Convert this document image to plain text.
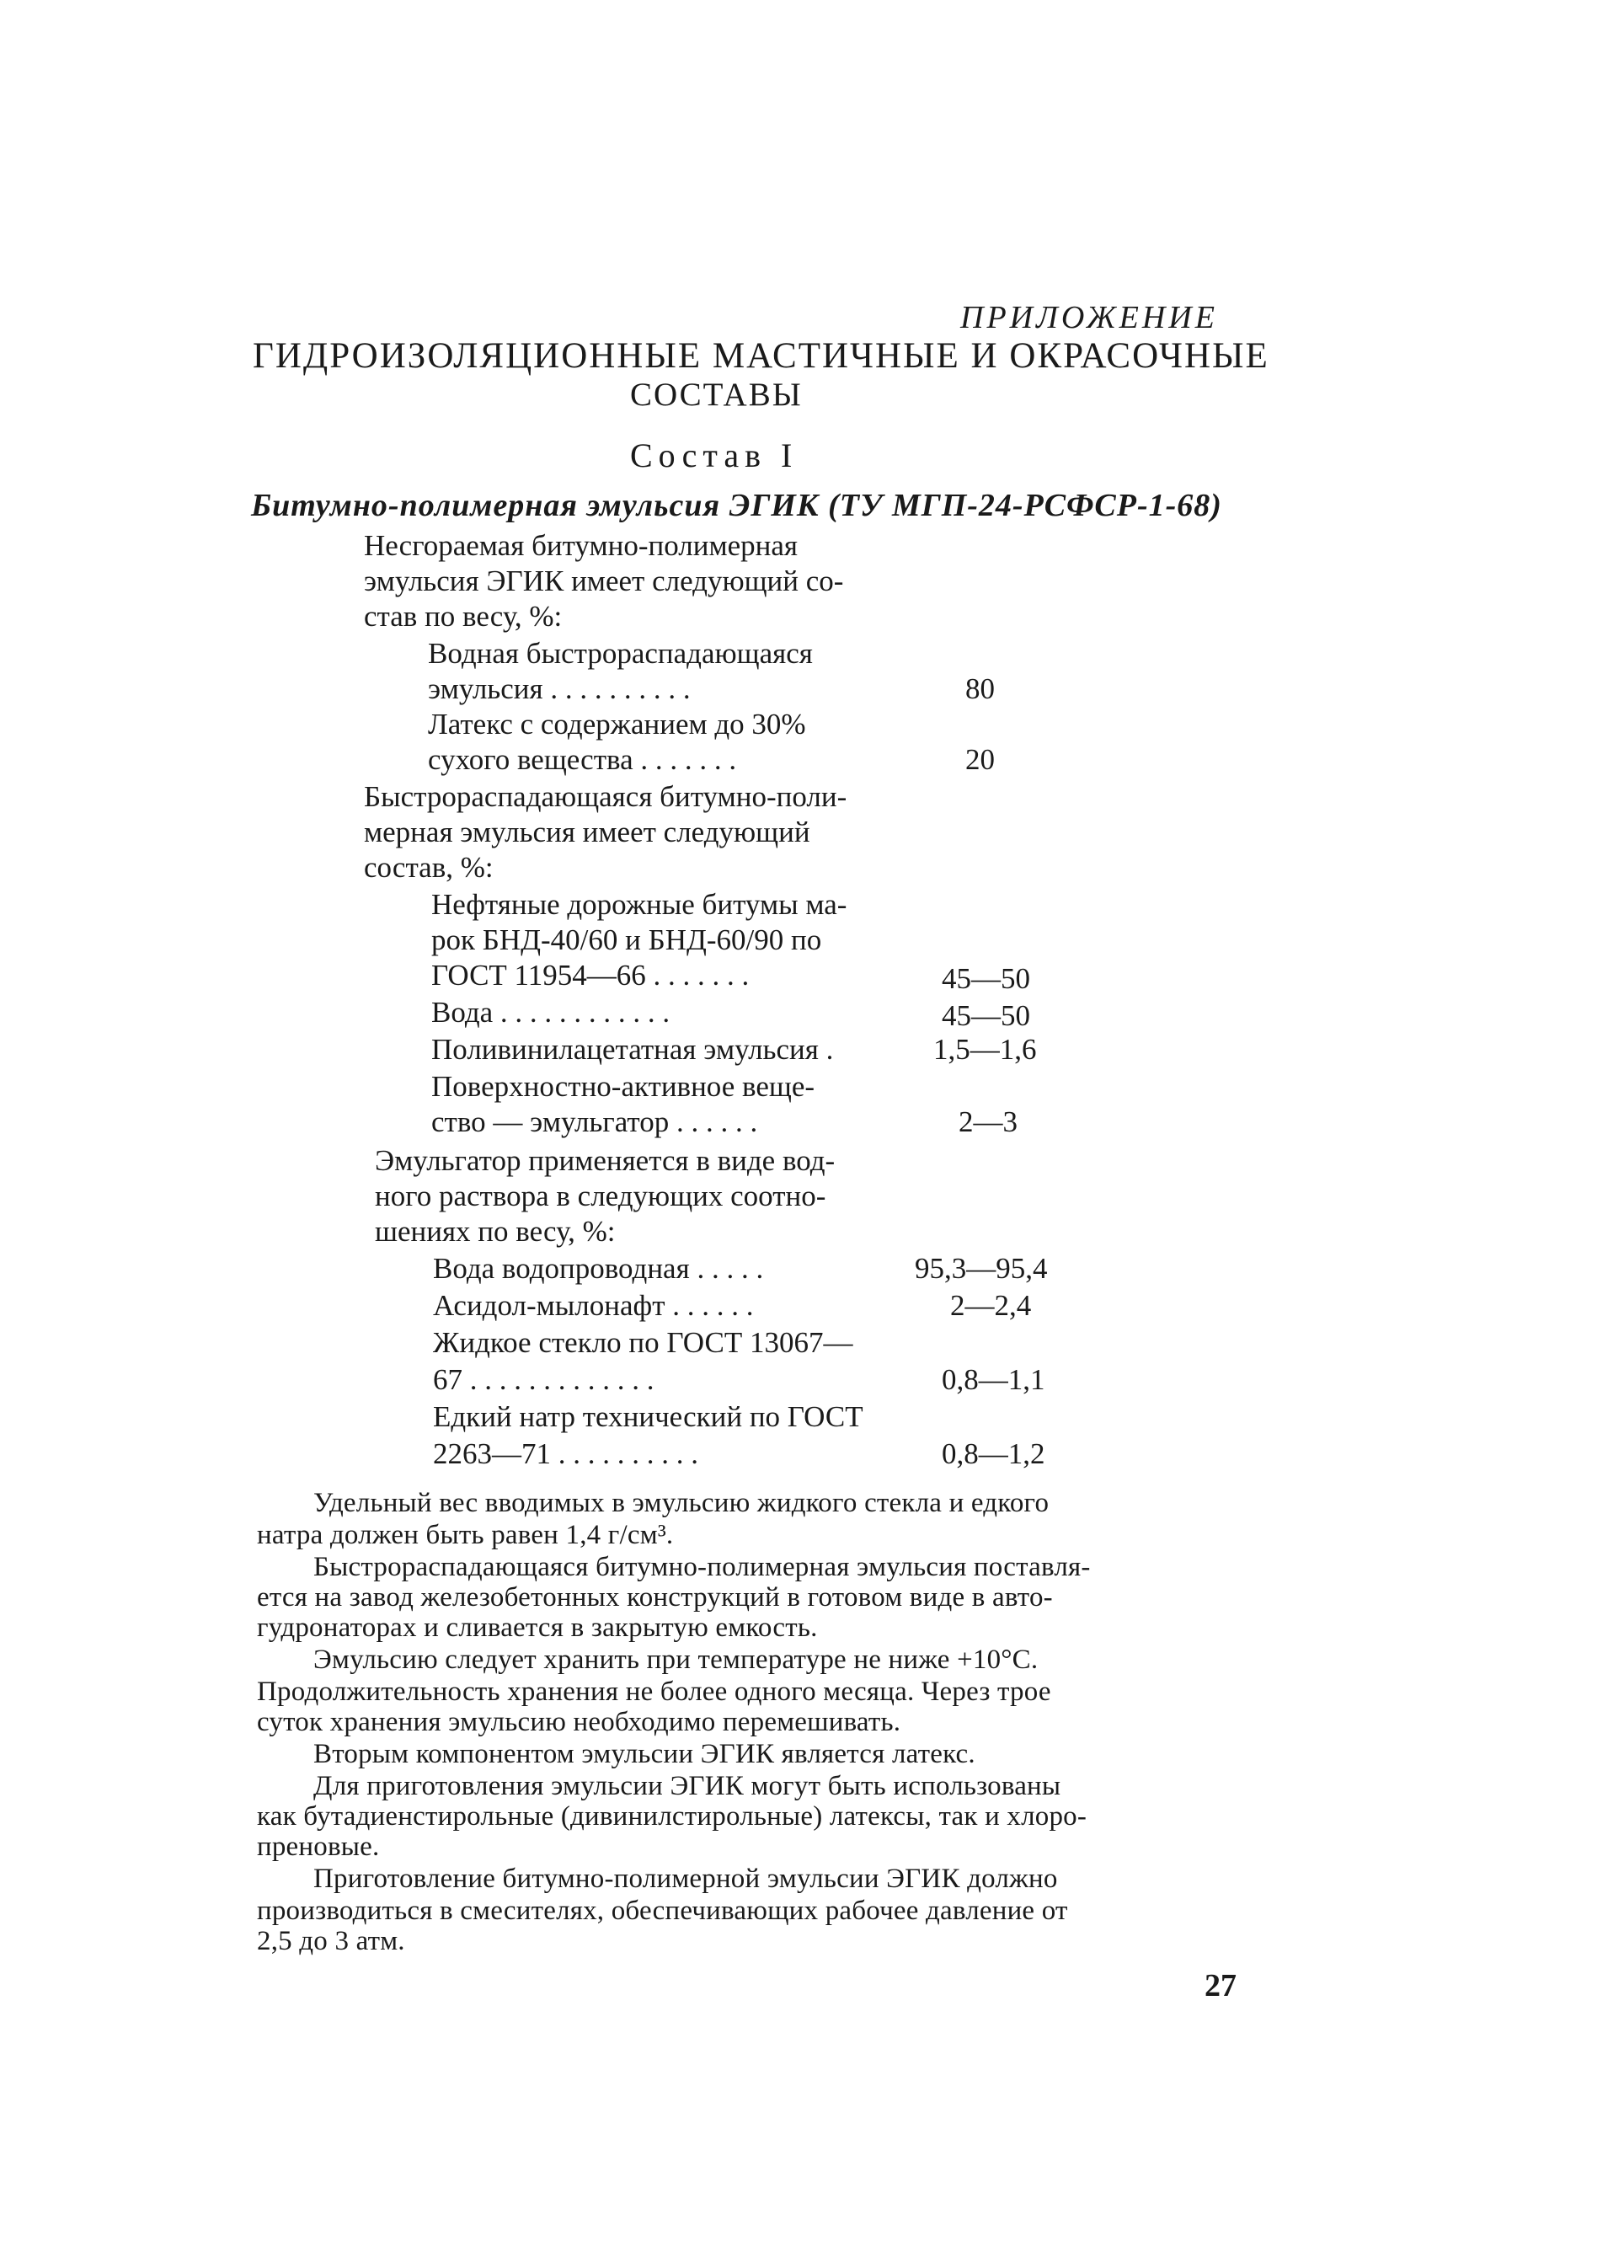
ПРИЛОЖЕНИЕ
ГИДРОИЗОЛЯЦИОННЫЕ МАСТИЧНЫЕ И ОКРАСОЧНЫЕ
СОСТАВЫ
Состав I
Битумно-полимерная эмульсия ЭГИК (ТУ МГП-24-РСФСР-1-68)
Несгораемая битумно-полимерная
эмульсия ЭГИК имеет следующий со-
став по весу, %:
Водная быстрораспадающаяся
эмульсия . . . . . . . . . .	80
Латекс с содержанием до 30%
сухого вещества . . . . . . .	20
Быстрораспадающаяся битумно-поли-
мерная эмульсия имеет следующий
состав, %:
Нефтяные дорожные битумы ма-
рок БНД-40/60 и БНД-60/90 по
ГОСТ 11954—66 . . . . . . .	45—50
Вода . . . . . . . . . . . .	45—50
Поливинилацетатная эмульсия .	1,5—1,6
Поверхностно-активное веще-
ство — эмульгатор . . . . . .	2—3
Эмульгатор применяется в виде вод-
ного раствора в следующих соотно-
шениях по весу, %:
Вода водопроводная . . . . .	95,3—95,4
Асидол-мылонафт . . . . . .	2—2,4
Жидкое стекло по ГОСТ 13067—
67 . . . . . . . . . . . . .	0,8—1,1
Едкий натр технический по ГОСТ
2263—71 . . . . . . . . . .	0,8—1,2
Удельный вес вводимых в эмульсию жидкого стекла и едкого
натра должен быть равен 1,4 г/см³.
Быстрораспадающаяся битумно-полимерная эмульсия поставля-
ется на завод железобетонных конструкций в готовом виде в авто-
гудронаторах и сливается в закрытую емкость.
Эмульсию следует хранить при температуре не ниже +10°С.
Продолжительность хранения не более одного месяца. Через трое
суток хранения эмульсию необходимо перемешивать.
Вторым компонентом эмульсии ЭГИК является латекс.
Для приготовления эмульсии ЭГИК могут быть использованы
как бутадиенстирольные (дивинилстирольные) латексы, так и хлоро-
преновые.
Приготовление битумно-полимерной эмульсии ЭГИК должно
производиться в смесителях, обеспечивающих рабочее давление от
2,5 до 3 атм.
27
